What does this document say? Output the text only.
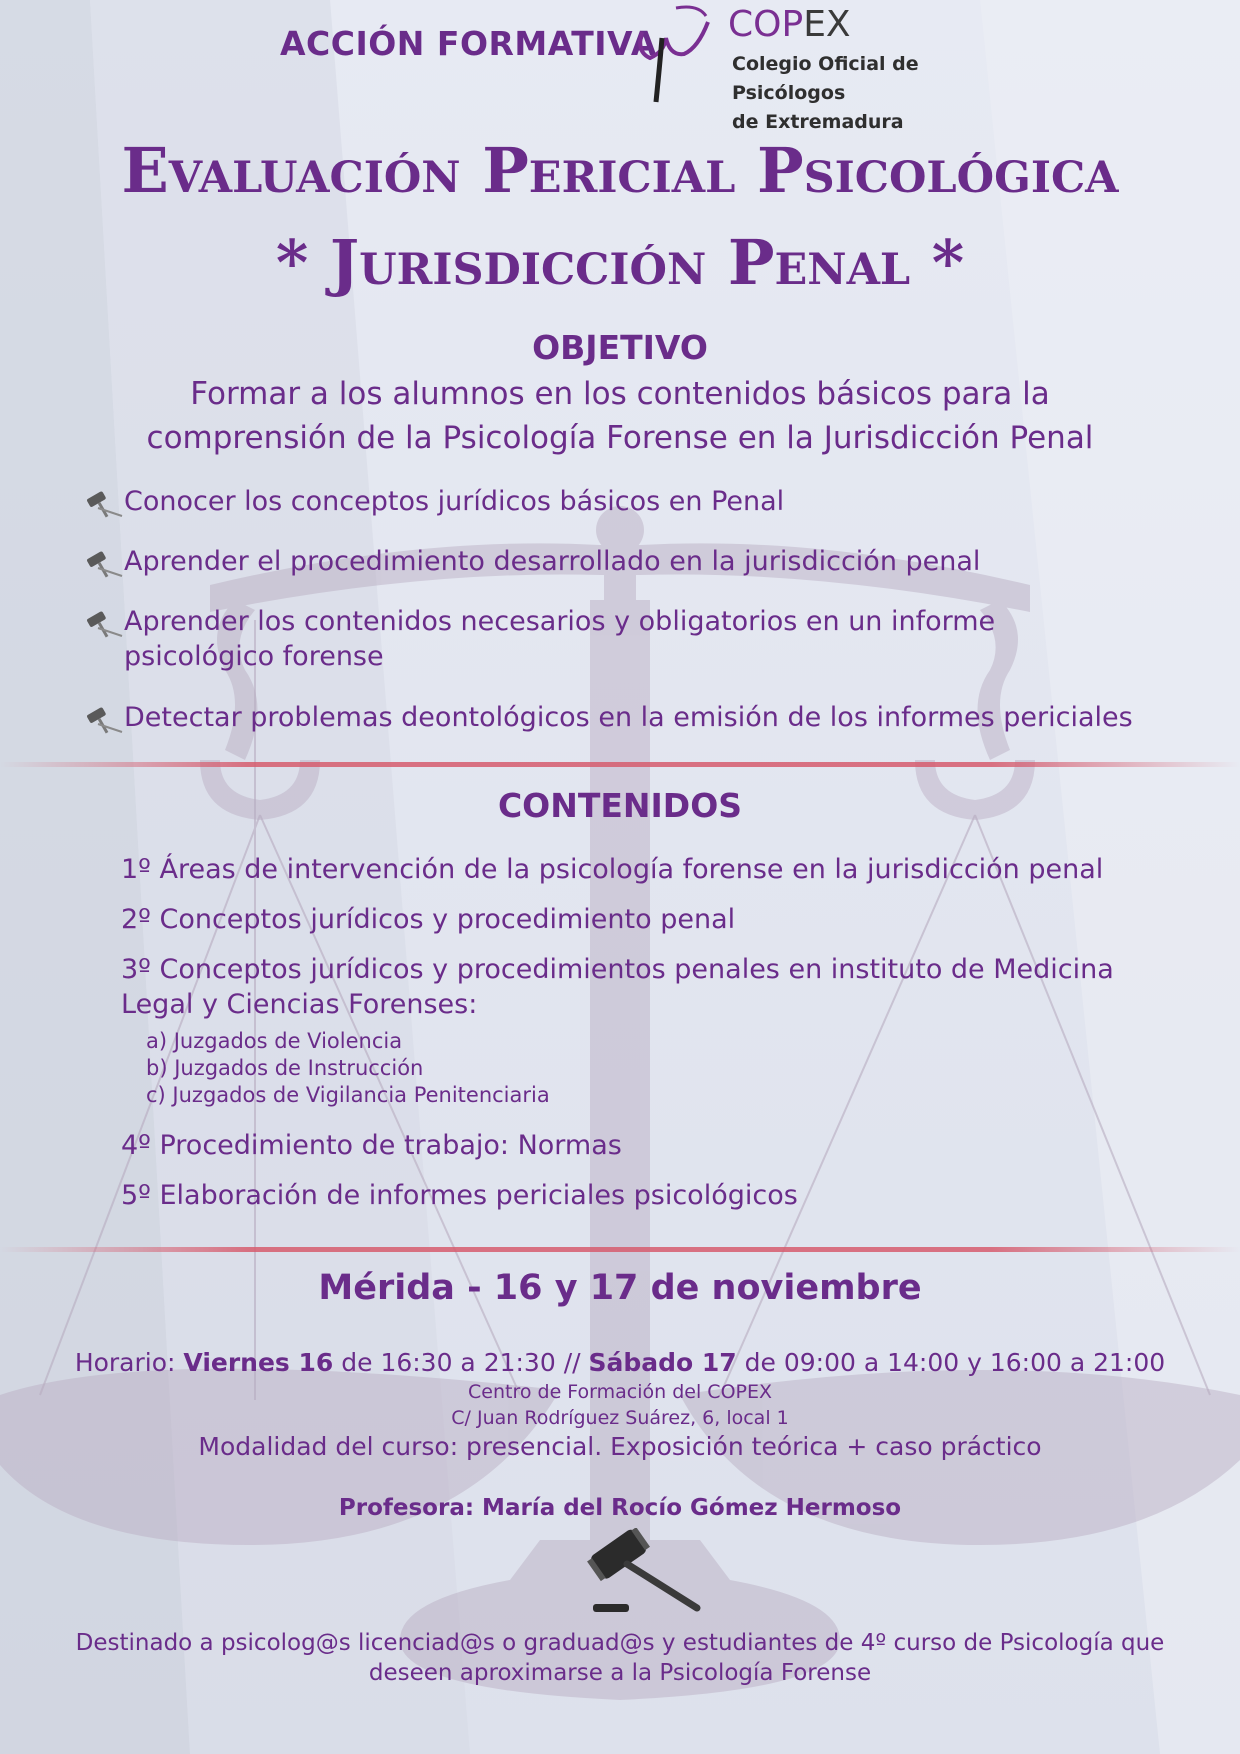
ACCIÓN FORMATIVA COPEX
Colegio Oficial de Psicólogos
de Extremadura
Evaluación Pericial Psicológica
* Jurisdicción Penal *
OBJETIVO
Formar a los alumnos en los contenidos básicos para la
comprensión de la Psicología Forense en la Jurisdicción Penal
Conocer los conceptos jurídicos básicos en Penal
Aprender el procedimiento desarrollado en la jurisdicción penal
Aprender los contenidos necesarios y obligatorios en un informe psicológico forense
Detectar problemas deontológicos en la emisión de los informes periciales
CONTENIDOS
1º Áreas de intervención de la psicología forense en la jurisdicción penal
2º Conceptos jurídicos y procedimiento penal
3º Conceptos jurídicos y procedimientos penales en instituto de Medicina Legal y Ciencias Forenses:
a) Juzgados de Violencia
b) Juzgados de Instrucción
c) Juzgados de Vigilancia Penitenciaria
4º Procedimiento de trabajo: Normas
5º Elaboración de informes periciales psicológicos
Mérida - 16 y 17 de noviembre
Horario: Viernes 16 de 16:30 a 21:30 // Sábado 17 de 09:00 a 14:00 y 16:00 a 21:00
Centro de Formación del COPEX
C/ Juan Rodríguez Suárez, 6, local 1
Modalidad del curso: presencial. Exposición teórica + caso práctico
Profesora: María del Rocío Gómez Hermoso
Destinado a psicolog@s licenciad@s o graduad@s y estudiantes de 4º curso de Psicología que
deseen aproximarse a la Psicología Forense
